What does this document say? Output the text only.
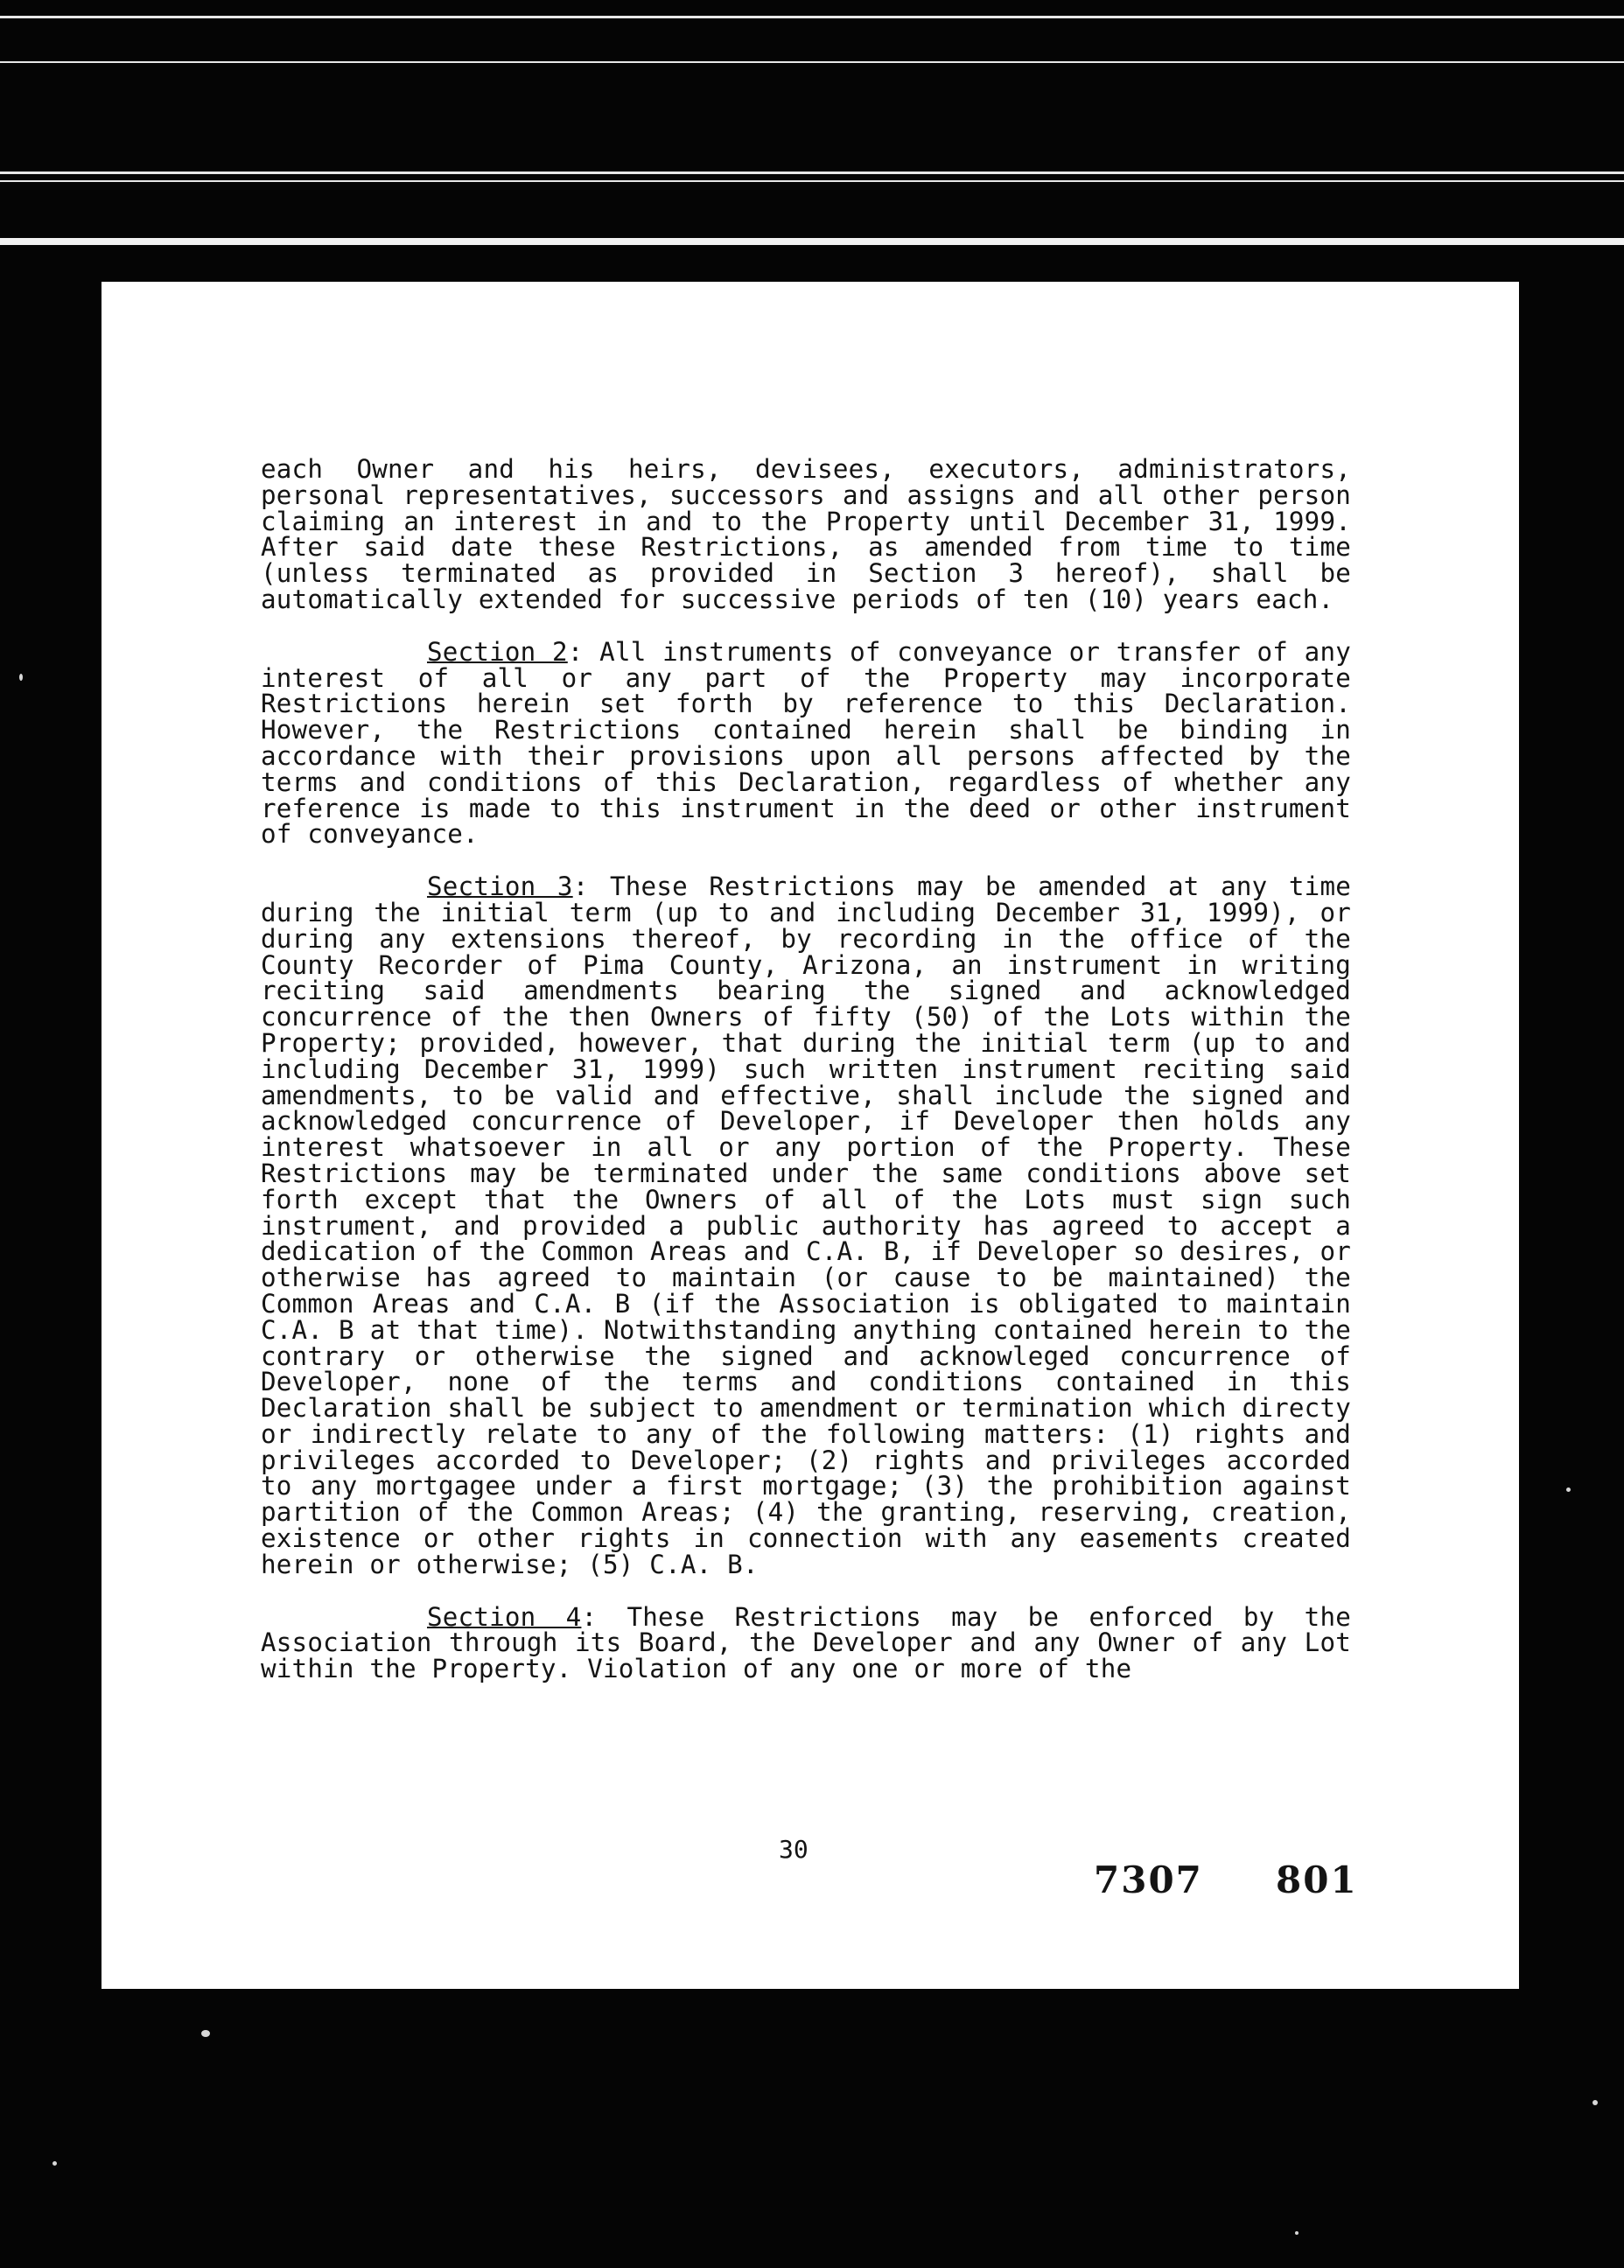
each Owner and his heirs, devisees, executors, administrators, personal representatives, successors and assigns and all other person claiming an interest in and to the Property until December 31, 1999. After said date these Restrictions, as amended from time to time (unless terminated as provided in Section 3 hereof), shall be automatically extended for successive periods of ten (10) years each.

Section 2: All instruments of conveyance or transfer of any interest of all or any part of the Property may incorporate Restrictions herein set forth by reference to this Declaration. However, the Restrictions contained herein shall be binding in accordance with their provisions upon all persons affected by the terms and conditions of this Declaration, regardless of whether any reference is made to this instrument in the deed or other instrument of conveyance.

Section 3: These Restrictions may be amended at any time during the initial term (up to and including December 31, 1999), or during any extensions thereof, by recording in the office of the County Recorder of Pima County, Arizona, an instrument in writing reciting said amendments bearing the signed and acknowledged concurrence of the then Owners of fifty (50) of the Lots within the Property; provided, however, that during the initial term (up to and including December 31, 1999) such written instrument reciting said amendments, to be valid and effective, shall include the signed and acknowledged concurrence of Developer, if Developer then holds any interest whatsoever in all or any portion of the Property. These Restrictions may be terminated under the same conditions above set forth except that the Owners of all of the Lots must sign such instrument, and provided a public authority has agreed to accept a dedication of the Common Areas and C.A. B, if Developer so desires, or otherwise has agreed to maintain (or cause to be maintained) the Common Areas and C.A. B (if the Association is obligated to maintain C.A. B at that time). Notwithstanding anything contained herein to the contrary or otherwise the signed and acknowleged concurrence of Developer, none of the terms and conditions contained in this Declaration shall be subject to amendment or termination which directy or indirectly relate to any of the following matters: (1) rights and privileges accorded to Developer; (2) rights and privileges accorded to any mortgagee under a first mortgage; (3) the prohibition against partition of the Common Areas; (4) the granting, reserving, creation, existence or other rights in connection with any easements created herein or otherwise; (5) C.A. B.

Section 4: These Restrictions may be enforced by the Association through its Board, the Developer and any Owner of any Lot within the Property. Violation of any one or more of the

30
7307 801
